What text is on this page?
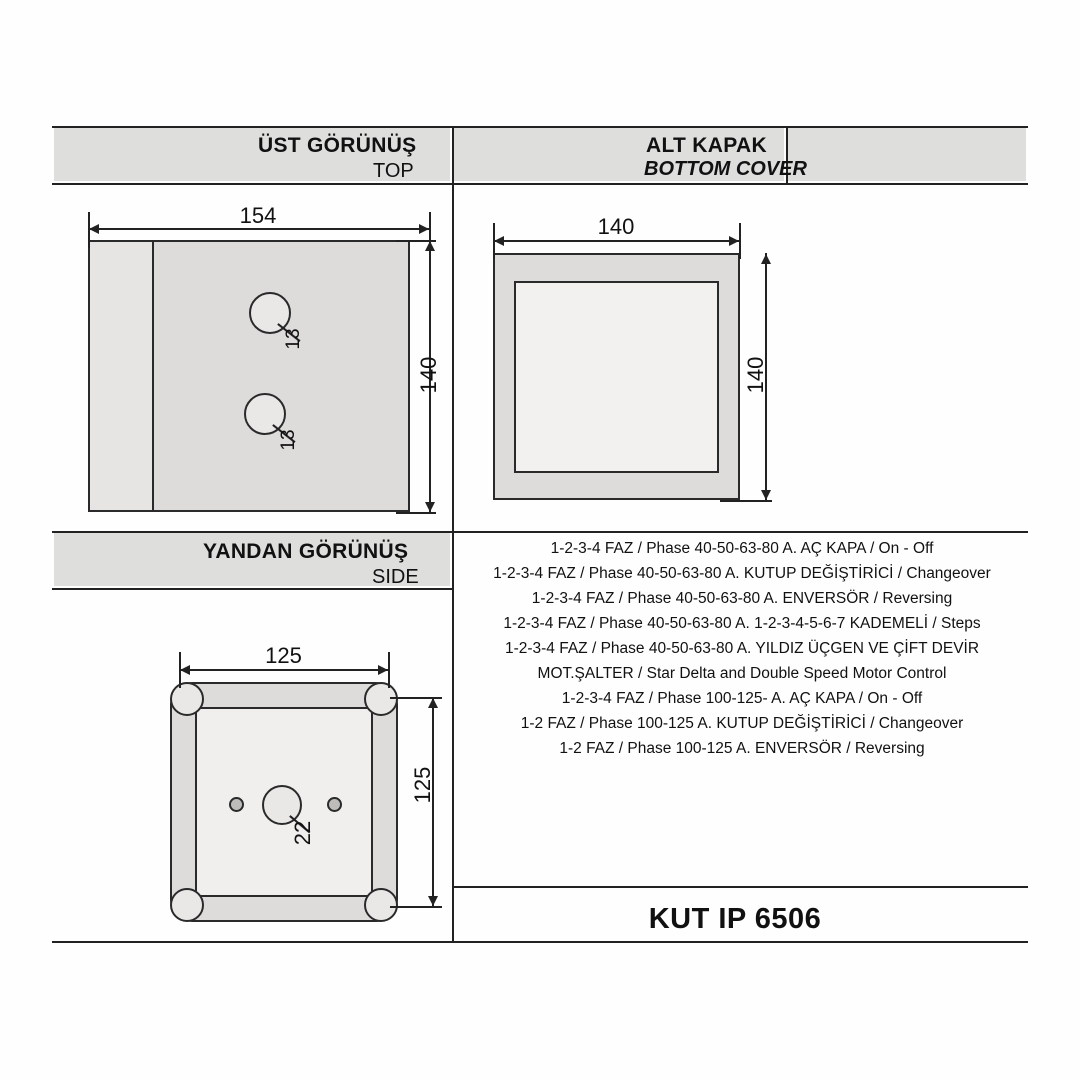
ÜST GÖRÜNÜŞ
TOP
ALT KAPAK
BOTTOM COVER
YANDAN GÖRÜNÜŞ
SIDE
13
13
154
140
140
140
22
125
125
1-2-3-4 FAZ / Phase 40-50-63-80 A. AÇ KAPA / On - Off
1-2-3-4 FAZ / Phase 40-50-63-80 A. KUTUP DEĞİŞTİRİCİ / Changeover
1-2-3-4 FAZ / Phase 40-50-63-80 A. ENVERSÖR / Reversing
1-2-3-4 FAZ / Phase 40-50-63-80 A. 1-2-3-4-5-6-7 KADEMELİ / Steps
1-2-3-4 FAZ / Phase 40-50-63-80 A. YILDIZ ÜÇGEN VE ÇİFT DEVİR
MOT.ŞALTER / Star Delta and Double Speed Motor Control
1-2-3-4 FAZ / Phase 100-125- A. AÇ KAPA / On - Off
1-2 FAZ / Phase 100-125 A. KUTUP DEĞİŞTİRİCİ / Changeover
1-2 FAZ / Phase 100-125 A. ENVERSÖR / Reversing
KUT IP 6506
